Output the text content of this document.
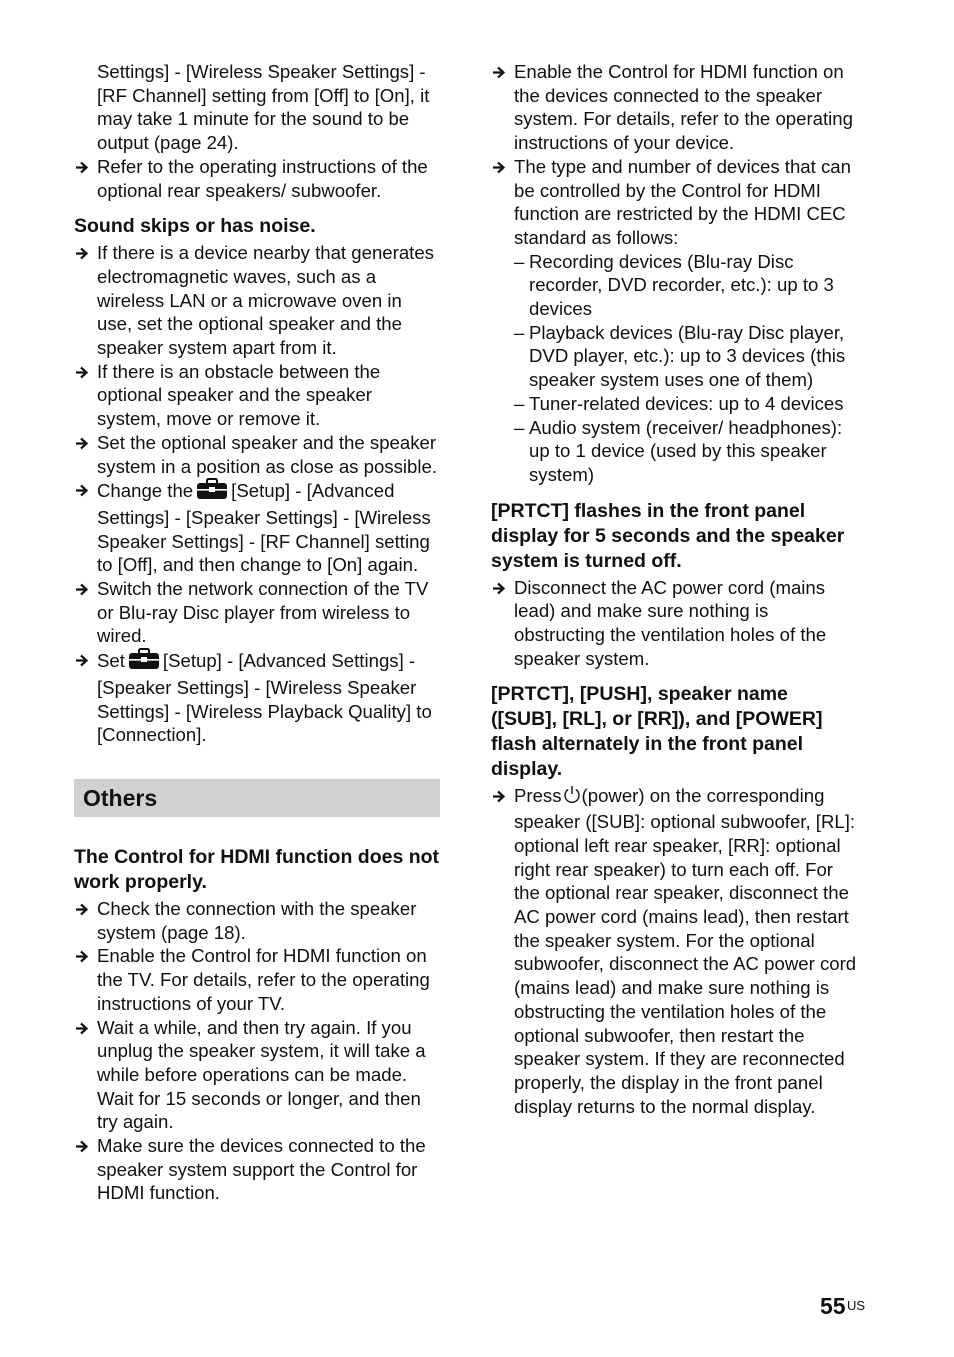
Settings] - [Wireless Speaker Settings] - [RF Channel] setting from [Off] to [On], it may take 1 minute for the sound to be output (page 24).
Refer to the operating instructions of the optional rear speakers/ subwoofer.
Sound skips or has noise.
If there is a device nearby that generates electromagnetic waves, such as a wireless LAN or a microwave oven in use, set the optional speaker and the speaker system apart from it.
If there is an obstacle between the optional speaker and the speaker system, move or remove it.
Set the optional speaker and the speaker system in a position as close as possible.
Change the [Setup] - [Advanced Settings] - [Speaker Settings] - [Wireless Speaker Settings] - [RF Channel] setting to [Off], and then change to [On] again.
Switch the network connection of the TV or Blu-ray Disc player from wireless to wired.
Set [Setup] - [Advanced Settings] - [Speaker Settings] - [Wireless Speaker Settings] - [Wireless Playback Quality] to [Connection].
Others
The Control for HDMI function does not work properly.
Check the connection with the speaker system (page 18).
Enable the Control for HDMI function on the TV. For details, refer to the operating instructions of your TV.
Wait a while, and then try again. If you unplug the speaker system, it will take a while before operations can be made. Wait for 15 seconds or longer, and then try again.
Make sure the devices connected to the speaker system support the Control for HDMI function.
Enable the Control for HDMI function on the devices connected to the speaker system. For details, refer to the operating instructions of your device.
The type and number of devices that can be controlled by the Control for HDMI function are restricted by the HDMI CEC standard as follows:
– Recording devices (Blu-ray Disc recorder, DVD recorder, etc.): up to 3 devices
– Playback devices (Blu-ray Disc player, DVD player, etc.): up to 3 devices (this speaker system uses one of them)
– Tuner-related devices: up to 4 devices
– Audio system (receiver/ headphones): up to 1 device (used by this speaker system)
[PRTCT] flashes in the front panel display for 5 seconds and the speaker system is turned off.
Disconnect the AC power cord (mains lead) and make sure nothing is obstructing the ventilation holes of the speaker system.
[PRTCT], [PUSH], speaker name ([SUB], [RL], or [RR]), and [POWER] flash alternately in the front panel display.
Press (power) on the corresponding speaker ([SUB]: optional subwoofer, [RL]: optional left rear speaker, [RR]: optional right rear speaker) to turn each off. For the optional rear speaker, disconnect the AC power cord (mains lead), then restart the speaker system. For the optional subwoofer, disconnect the AC power cord (mains lead) and make sure nothing is obstructing the ventilation holes of the optional subwoofer, then restart the speaker system. If they are reconnected properly, the display in the front panel display returns to the normal display.
55 US
